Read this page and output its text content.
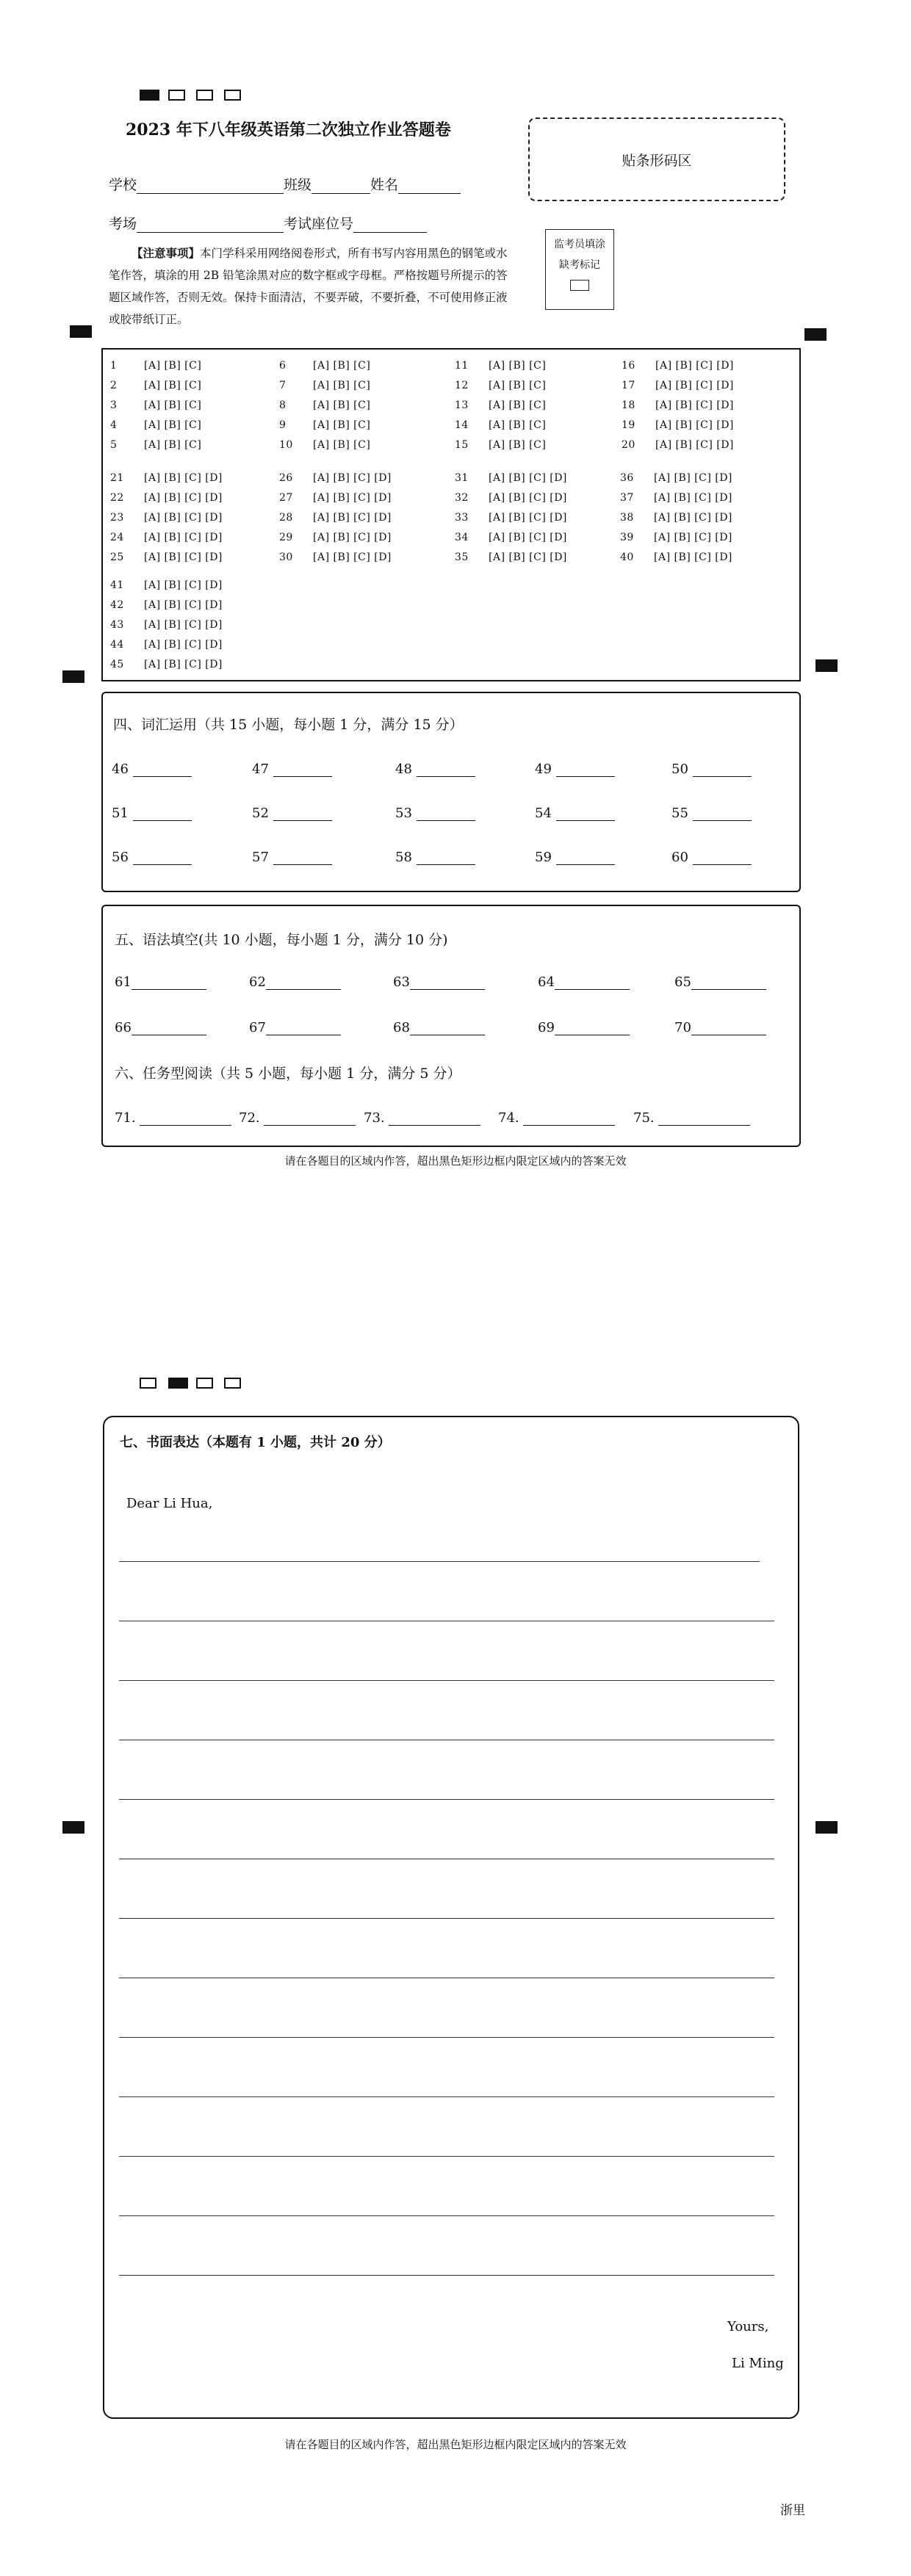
2023 年下八年级英语第二次独立作业答题卷
贴条形码区
学校	班级	姓名
考场	考试座位号
监考员填涂
缺考标记
【注意事项】本门学科采用网络阅卷形式，所有书写内容用黑色的钢笔或水笔作答，填涂的用 2B 铅笔涂黑对应的数字框或字母框。严格按题号所提示的答题区域作答，否则无效。保持卡面清洁，不要弄破，不要折叠，不可使用修正液或胶带纸订正。
1	[A] [B] [C]	6	[A] [B] [C]	11 [A] [B] [C]	16 [A] [B] [C] [D]
2	[A] [B] [C]	7	[A] [B] [C]	12 [A] [B] [C]	17 [A] [B] [C] [D]
3	[A] [B] [C]	8	[A] [B] [C]	13 [A] [B] [C]	18 [A] [B] [C] [D]
4	[A] [B] [C]	9	[A] [B] [C]	14 [A] [B] [C]	19 [A] [B] [C] [D]
5	[A] [B] [C]	10 [A] [B] [C]	15 [A] [B] [C]	20 [A] [B] [C] [D]
21 [A] [B] [C] [D]	26 [A] [B] [C] [D]	31 [A] [B] [C] [D]	36 [A] [B] [C] [D]
22 [A] [B] [C] [D]	27 [A] [B] [C] [D]	32 [A] [B] [C] [D]	37 [A] [B] [C] [D]
23 [A] [B] [C] [D]	28 [A] [B] [C] [D]	33 [A] [B] [C] [D]	38 [A] [B] [C] [D]
24 [A] [B] [C] [D]	29 [A] [B] [C] [D]	34 [A] [B] [C] [D]	39 [A] [B] [C] [D]
25 [A] [B] [C] [D]	30 [A] [B] [C] [D]	35 [A] [B] [C] [D]	40 [A] [B] [C] [D]
41 [A] [B] [C] [D]
42 [A] [B] [C] [D]
43 [A] [B] [C] [D]
44 [A] [B] [C] [D]
45 [A] [B] [C] [D]
四、词汇运用（共 15 小题，每小题 1 分，满分 15 分）
46	47	48	49	50
51	52	53	54	55
56	57	58	59	60
五、语法填空(共 10 小题，每小题 1 分，满分 10 分)
61	62	63	64	65
66	67	68	69	70
六、任务型阅读（共 5 小题，每小题 1 分，满分 5 分）
71.	72.	73.	74.	75.
请在各题目的区域内作答，超出黑色矩形边框内限定区域内的答案无效
七、书面表达（本题有 1 小题，共计 20 分）
Dear Li Hua,
Yours,
Li Ming
请在各题目的区域内作答，超出黑色矩形边框内限定区域内的答案无效
浙里
